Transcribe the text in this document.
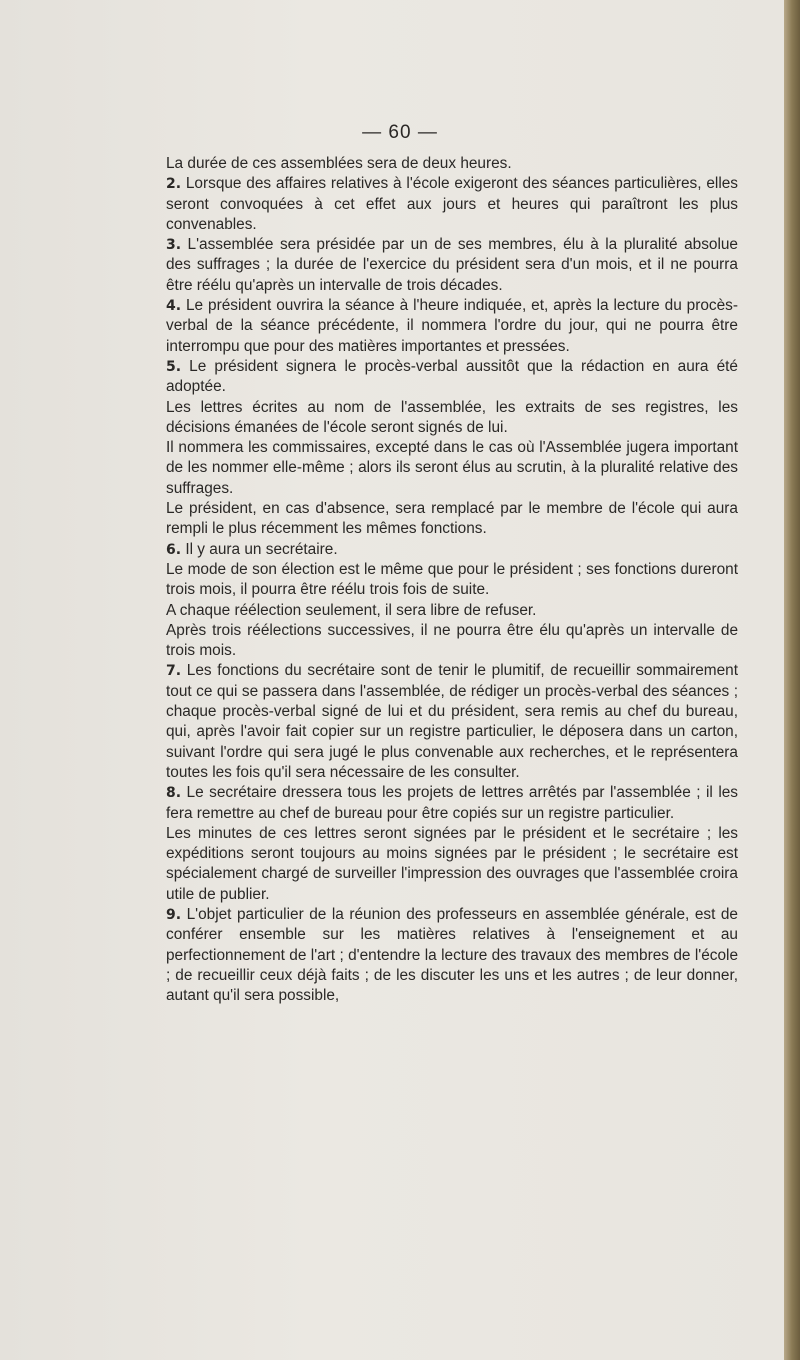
— 60 —

La durée de ces assemblées sera de deux heures.

2. Lorsque des affaires relatives à l'école exigeront des séances particulières, elles seront convoquées à cet effet aux jours et heures qui paraîtront les plus convenables.

3. L'assemblée sera présidée par un de ses membres, élu à la pluralité absolue des suffrages ; la durée de l'exercice du président sera d'un mois, et il ne pourra être réélu qu'après un intervalle de trois décades.

4. Le président ouvrira la séance à l'heure indiquée, et, après la lecture du procès-verbal de la séance précédente, il nommera l'ordre du jour, qui ne pourra être interrompu que pour des matières importantes et pressées.

5. Le président signera le procès-verbal aussitôt que la rédaction en aura été adoptée.

Les lettres écrites au nom de l'assemblée, les extraits de ses registres, les décisions émanées de l'école seront signés de lui.

Il nommera les commissaires, excepté dans le cas où l'Assemblée jugera important de les nommer elle-même ; alors ils seront élus au scrutin, à la pluralité relative des suffrages.

Le président, en cas d'absence, sera remplacé par le membre de l'école qui aura rempli le plus récemment les mêmes fonctions.

6. Il y aura un secrétaire.

Le mode de son élection est le même que pour le président ; ses fonctions dureront trois mois, il pourra être réélu trois fois de suite.

A chaque réélection seulement, il sera libre de refuser.

Après trois réélections successives, il ne pourra être élu qu'après un intervalle de trois mois.

7. Les fonctions du secrétaire sont de tenir le plumitif, de recueillir sommairement tout ce qui se passera dans l'assemblée, de rédiger un procès-verbal des séances ; chaque procès-verbal signé de lui et du président, sera remis au chef du bureau, qui, après l'avoir fait copier sur un registre particulier, le déposera dans un carton, suivant l'ordre qui sera jugé le plus convenable aux recherches, et le représentera toutes les fois qu'il sera nécessaire de les consulter.

8. Le secrétaire dressera tous les projets de lettres arrêtés par l'assemblée ; il les fera remettre au chef de bureau pour être copiés sur un registre particulier.

Les minutes de ces lettres seront signées par le président et le secrétaire ; les expéditions seront toujours au moins signées par le président ; le secrétaire est spécialement chargé de surveiller l'impression des ouvrages que l'assemblée croira utile de publier.

9. L'objet particulier de la réunion des professeurs en assemblée générale, est de conférer ensemble sur les matières relatives à l'enseignement et au perfectionnement de l'art ; d'entendre la lecture des travaux des membres de l'école ; de recueillir ceux déjà faits ; de les discuter les uns et les autres ; de leur donner, autant qu'il sera possible,
